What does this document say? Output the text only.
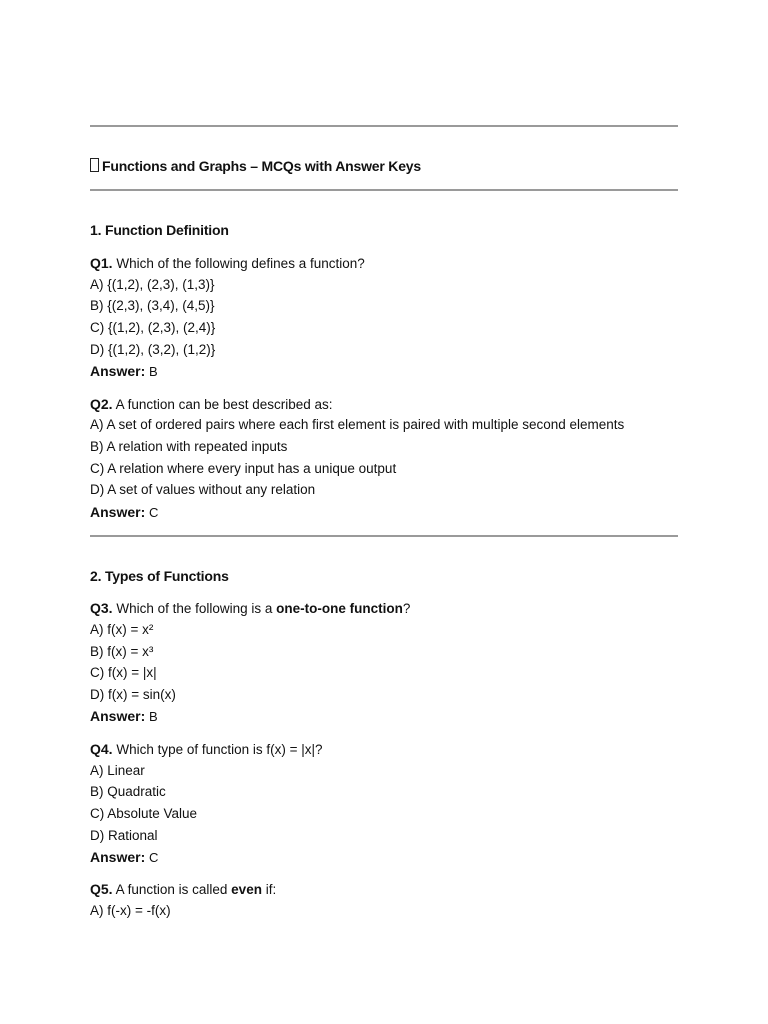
Functions and Graphs – MCQs with Answer Keys
1. Function Definition
Q1. Which of the following defines a function?
A) {(1,2), (2,3), (1,3)}
B) {(2,3), (3,4), (4,5)}
C) {(1,2), (2,3), (2,4)}
D) {(1,2), (3,2), (1,2)}
Answer: B
Q2. A function can be best described as:
A) A set of ordered pairs where each first element is paired with multiple second elements
B) A relation with repeated inputs
C) A relation where every input has a unique output
D) A set of values without any relation
Answer: C
2. Types of Functions
Q3. Which of the following is a one-to-one function?
A) f(x) = x²
B) f(x) = x³
C) f(x) = |x|
D) f(x) = sin(x)
Answer: B
Q4. Which type of function is f(x) = |x|?
A) Linear
B) Quadratic
C) Absolute Value
D) Rational
Answer: C
Q5. A function is called even if:
A) f(-x) = -f(x)
